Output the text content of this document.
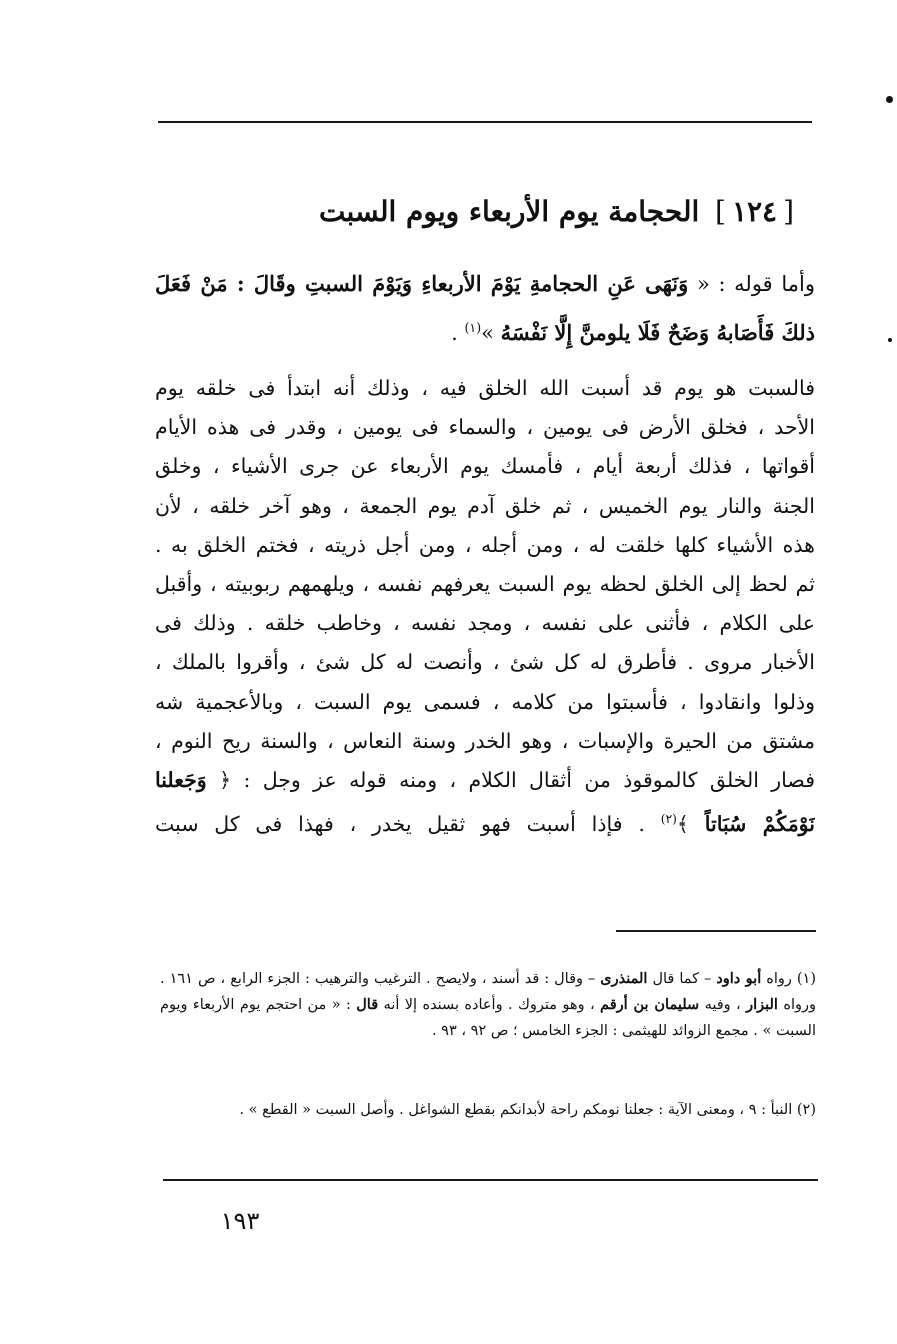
[١٢٤] الحجامة يوم الأربعاء ويوم السبت
وأما قوله : « وَنَهَى عَنِ الحجامةِ يَوْمَ الأربعاءِ وَيَوْمَ السبتِ وقَالَ : مَنْ فَعَلَ ذلكَ فَأَصَابهُ وَضَحٌ فَلَا يلومنَّ إِلَّا نَفْسَهُ »$^{(١)}$ .
فالسبت هو يوم قد أسبت الله الخلق فيه ، وذلك أنه ابتدأ فى خلقه يوم
الأحد ، فخلق الأرض فى يومين ، والسماء فى يومين ، وقدر فى هذه الأيام
أقواتها ، فذلك أربعة أيام ، فأمسك يوم الأربعاء عن جرى الأشياء ، وخلق
الجنة والنار يوم الخميس ، ثم خلق آدم يوم الجمعة ، وهو آخر خلقه ، لأن
هذه الأشياء كلها خلقت له ، ومن أجله ، ومن أجل ذريته ، فختم الخلق به .
ثم لحظ إلى الخلق لحظه يوم السبت يعرفهم نفسه ، ويلهمهم ربوبيته ، وأقبل
على الكلام ، فأثنى على نفسه ، ومجد نفسه ، وخاطب خلقه . وذلك فى
الأخبار مروى . فأطرق له كل شئ ، وأنصت له كل شئ ، وأقروا بالملك ،
وذلوا وانقادوا ، فأسبتوا من كلامه ، فسمى يوم السبت ، وبالأعجمية شه
مشتق من الحيرة والإسبات ، وهو الخدر وسنة النعاس ، والسنة ريح النوم ،
فصار الخلق كالموقوذ من أثقال الكلام ، ومنه قوله عز وجل : ﴿ وَجَعلنا
نَوْمَكُمْ سُبَاتاً ﴾$^{(٢)}$ . فإذا أسبت فهو ثقيل يخدر ، فهذا فى كل سبت
(١) رواه أبو داود – كما قال المنذرى – وقال : قد أسند ، ولايصح . الترغيب والترهيب : الجزء الرابع ، ص ١٦١ . ورواه البزار ، وفيه سليمان بن أرقم ، وهو متروك . وأعاده بسنده إلا أنه قال : « من احتجم يوم الأربعاء ويوم السبت » . مجمع الزوائد للهيثمى : الجزء الخامس ؛ ص ٩٢ ، ٩٣ .
(٢) النبأ : ٩ ، ومعنى الآية : جعلنا نومكم راحة لأبدانكم بقطع الشواغل . وأصل السبت « القطع » .
١٩٣
